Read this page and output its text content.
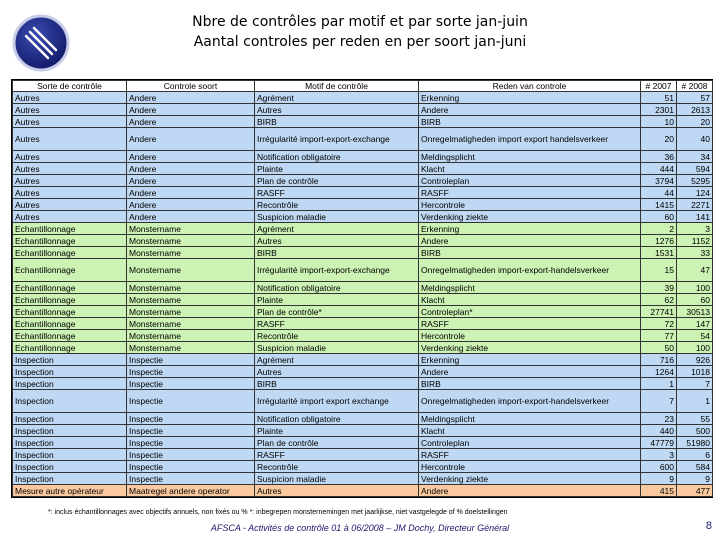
Nbre de contrôles par motif et par sorte jan-juin
Aantal controles per reden en per soort jan-juni
Sorte de contrôle	Controle soort	Motif de contrôle	Reden van controle	# 2007	# 2008
Autres	Andere	Agrément	Erkenning	51	57
Autres	Andere	Autres	Andere	2301	2613
Autres	Andere	BIRB	BIRB	10	20
Autres	Andere	Irrégularité import-export-exchange	Onregelmatigheden import export handelsverkeer	20	40
Autres	Andere	Notification obligatoire	Meldingsplicht	36	34
Autres	Andere	Plainte	Klacht	444	594
Autres	Andere	Plan de contrôle	Controleplan	3794	5295
Autres	Andere	RASFF	RASFF	44	124
Autres	Andere	Recontrôle	Hercontrole	1415	2271
Autres	Andere	Suspicion maladie	Verdenking ziekte	60	141
Echantillonnage	Monstername	Agrément	Erkenning	2	3
Echantillonnage	Monstername	Autres	Andere	1276	1152
Echantillonnage	Monstername	BIRB	BIRB	1531	33
Echantillonnage	Monstername	Irrégularité import-export-exchange	Onregelmatigheden import-export-handelsverkeer	15	47
Echantillonnage	Monstername	Notification obligatoire	Meldingsplicht	39	100
Echantillonnage	Monstername	Plainte	Klacht	62	60
Echantillonnage	Monstername	Plan de contrôle*	Controleplan*	27741	30513
Echantillonnage	Monstername	RASFF	RASFF	72	147
Echantillonnage	Monstername	Recontrôle	Hercontrole	77	54
Echantillonnage	Monstername	Suspicion maladie	Verdenking ziekte	50	100
Inspection	Inspectie	Agrément	Erkenning	716	926
Inspection	Inspectie	Autres	Andere	1264	1018
Inspection	Inspectie	BIRB	BIRB	1	7
Inspection	Inspectie	Irrégularité import export exchange	Onregelmatigheden import-export-handelsverkeer	7	1
Inspection	Inspectie	Notification obligatoire	Meldingsplicht	23	55
Inspection	Inspectie	Plainte	Klacht	440	500
Inspection	Inspectie	Plan de contrôle	Controleplan	47779	51980
Inspection	Inspectie	RASFF	RASFF	3	6
Inspection	Inspectie	Recontrôle	Hercontrole	600	584
Inspection	Inspectie	Suspicion maladie	Verdenking ziekte	9	9
Mesure autre opérateur	Maatregel andere operator	Autres	Andere	415	477
*: inclus échantillonnages avec objectifs annuels, non fixés ou % *: inbegrepen monsternemingen met jaarlijkse, niet vastgelegde of % doelstellingen
AFSCA - Activités de contrôle 01 à 06/2008 – JM Dochy, Directeur Général	8
